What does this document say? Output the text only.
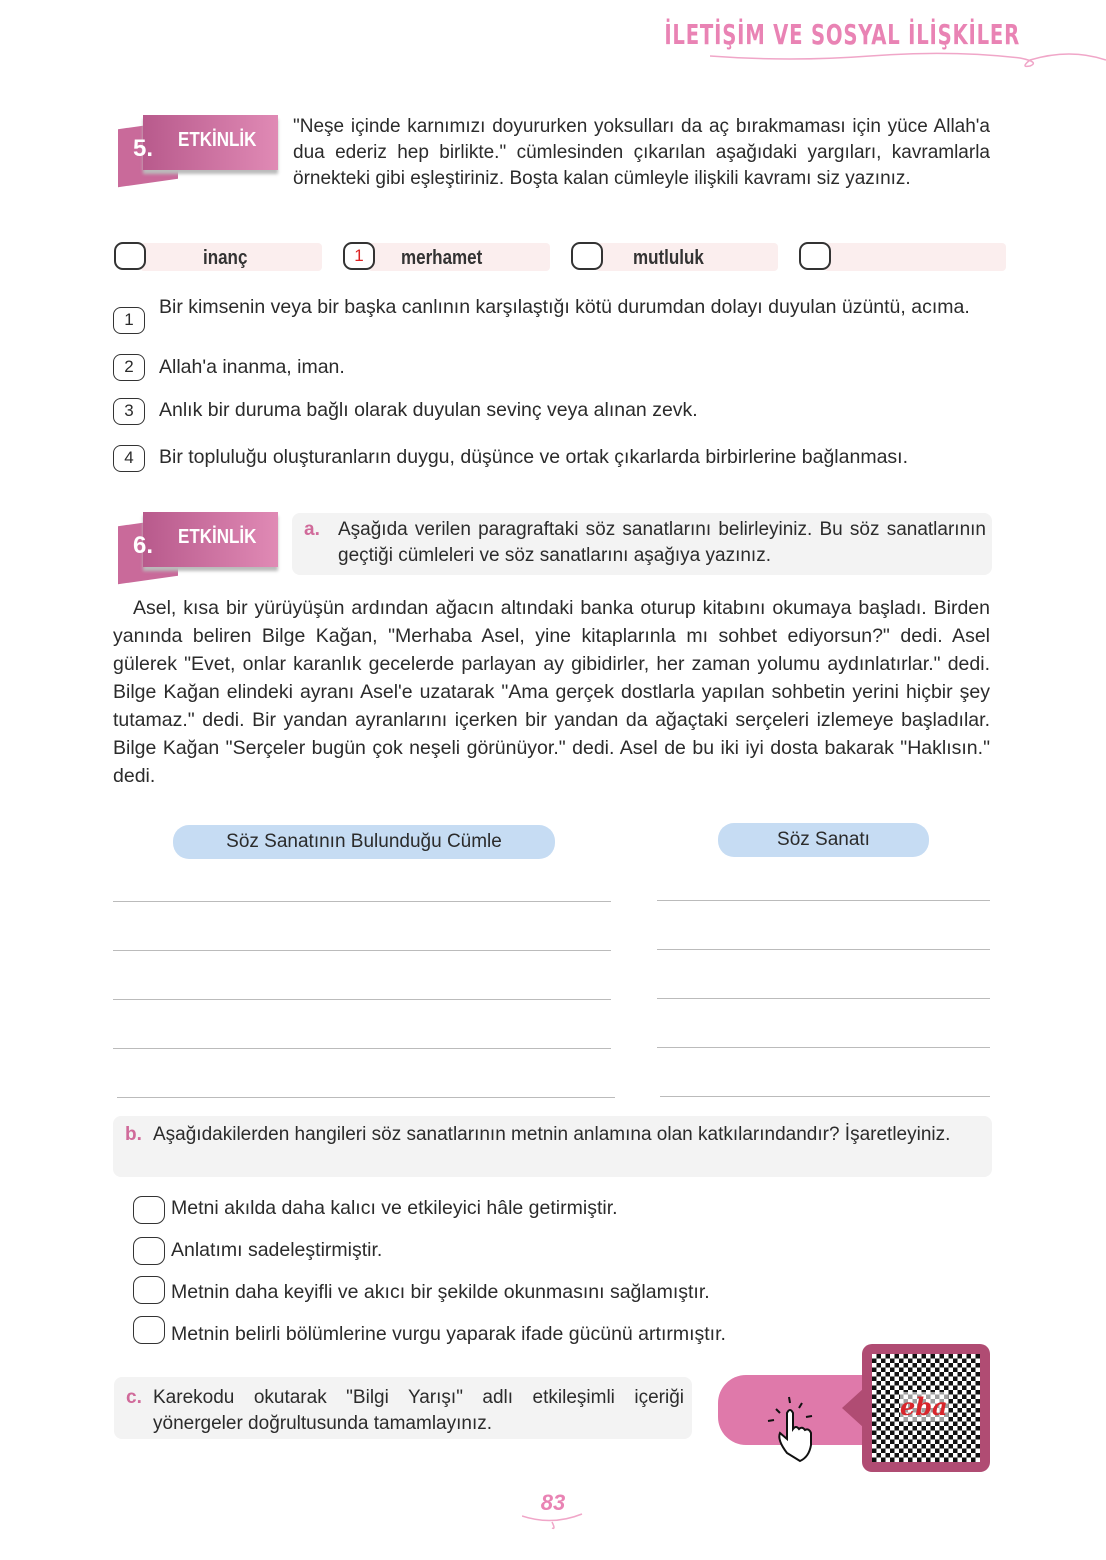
İLETİŞİM VE SOSYAL İLİŞKİLER
5. ETKİNLİK

"Neşe içinde karnımızı doyururken yoksulları da aç bırakmaması için yüce Allah'a dua ederiz hep birlikte." cümlesinden çıkarılan aşağıdaki yargıları, kavramlarla örnekteki gibi eşleştiriniz. Boşta kalan cümleyle ilişkili kavramı siz yazınız.

inanç	1	merhamet	mutluluk
1

Bir kimsenin veya bir başka canlının karşılaştığı kötü durumdan dolayı duyulan üzüntü, acıma.

2	Allah'a inanma, iman.

3	Anlık bir duruma bağlı olarak duyulan sevinç veya alınan zevk.

4	Bir topluluğu oluşturanların duygu, düşünce ve ortak çıkarlarda birbirlerine bağlanması.

6. ETKİNLİK	a. Aşağıda verilen paragraftaki söz sanatlarını belirleyiniz. Bu söz sanatlarının geçtiği cümleleri ve söz sanatlarını aşağıya yazınız.

Asel, kısa bir yürüyüşün ardından ağacın altındaki banka oturup kitabını okumaya başladı. Birden yanında beliren Bilge Kağan, "Merhaba Asel, yine kitaplarınla mı sohbet ediyorsun?" dedi. Asel gülerek "Evet, onlar karanlık gecelerde parlayan ay gibidirler, her zaman yolumu aydınlatırlar." dedi. Bilge Kağan elindeki ayranı Asel'e uzatarak "Ama gerçek dostlarla yapılan sohbetin yerini hiçbir şey tutamaz." dedi. Bir yandan ayranlarını içerken bir yandan da ağaçtaki serçeleri izlemeye başladılar. Bilge Kağan "Serçeler bugün çok neşeli görünüyor." dedi. Asel de bu iki iyi dosta bakarak "Haklısın." dedi.

Söz Sanatının Bulunduğu Cümle	Söz Sanatı
b. Aşağıdakilerden hangileri söz sanatlarının metnin anlamına olan katkılarındandır? İşaretleyiniz.
Metni akılda daha kalıcı ve etkileyici hâle getirmiştir.
Anlatımı sadeleştirmiştir.
Metnin daha keyifli ve akıcı bir şekilde okunmasını sağlamıştır.
Metnin belirli bölümlerine vurgu yaparak ifade gücünü artırmıştır.
c. Karekodu okutarak "Bilgi Yarışı" adlı etkileşimli içeriği yönergeler doğrultusunda tamamlayınız.
eba
83
